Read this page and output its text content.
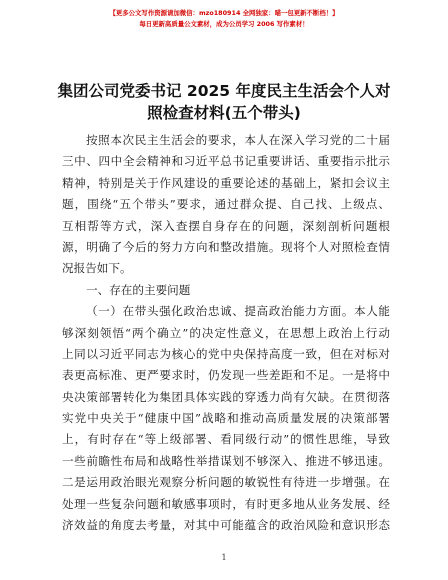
【更多公文写作资源请加微信：mzo180914 全网独家：喵一包更新不断档！】
每日更新高质量公文素材，成为公员学习 2006 写作素材！
集团公司党委书记 2025 年度民主生活会个人对
照检查材料(五个带头)
按照本次民主生活会的要求，本人在深入学习党的二十届
三中、四中全会精神和习近平总书记重要讲话、重要指示批示
精神，特别是关于作风建设的重要论述的基础上，紧扣会议主
题，围绕“五个带头”要求，通过群众提、自己找、上级点、
互相帮等方式，深入查摆自身存在的问题，深刻剖析问题根
源，明确了今后的努力方向和整改措施。现将个人对照检查情
况报告如下。
一、存在的主要问题
（一）在带头强化政治忠诚、提高政治能力方面。本人能
够深刻领悟“两个确立”的决定性意义，在思想上政治上行动
上同以习近平同志为核心的党中央保持高度一致，但在对标对
表更高标准、更严要求时，仍发现一些差距和不足。一是将中
央决策部署转化为集团具体实践的穿透力尚有欠缺。在贯彻落
实党中央关于“健康中国”战略和推动高质量发展的决策部署
上，有时存在“等上级部署、看同级行动”的惯性思维，导致
一些前瞻性布局和战略性举措谋划不够深入、推进不够迅速。
二是运用政治眼光观察分析问题的敏锐性有待进一步增强。在
处理一些复杂问题和敏感事项时，有时更多地从业务发展、经
济效益的角度去考量，对其中可能蕴含的政治风险和意识形态
1
